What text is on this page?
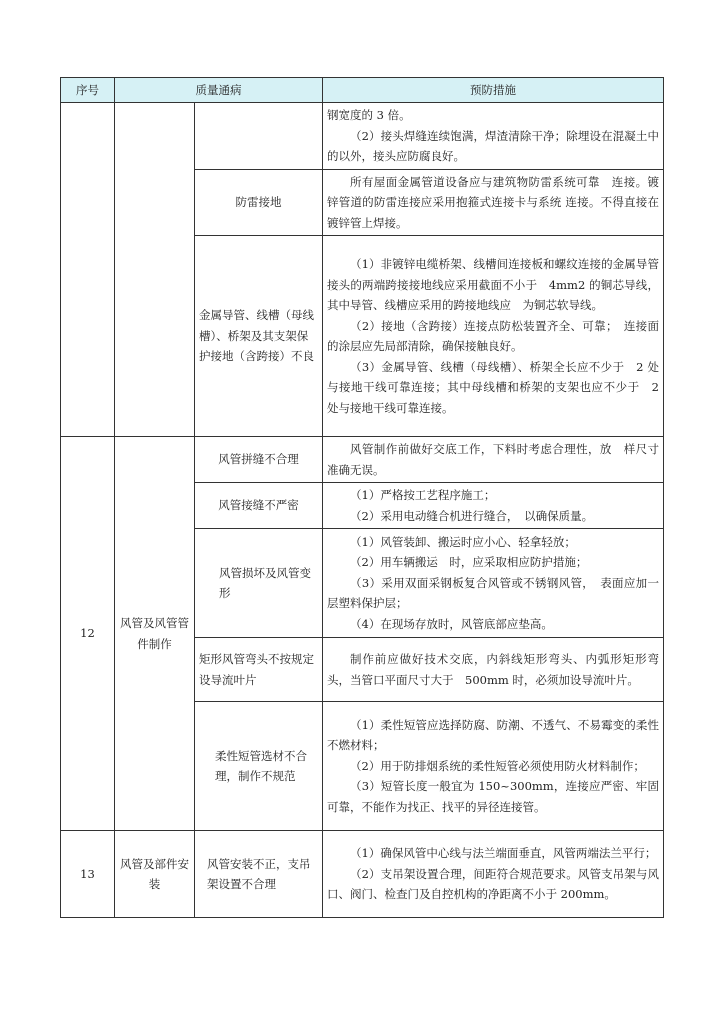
序号	质量通病		预防措施

			钢宽度的 3 倍。

（2）接头焊缝连续饱满，焊渣清除干净；除埋设在混凝土中的以外，接头应防腐良好。

		防雷接地	所有屋面金属管道设备应与建筑物防雷系统可靠　连接。镀锌管道的防雷连接应采用抱箍式连接卡与系统 连接。不得直接在镀锌管上焊接。

		金属导管、线槽（母线槽）、桥架及其支架保护接地（含跨接）不良	（1）非镀锌电缆桥架、线槽间连接板和螺纹连接的金属导管接头的两端跨接接地线应采用截面不小于　4mm2 的铜芯导线，其中导管、线槽应采用的跨接地线应　为铜芯软导线。

（2）接地（含跨接）连接点防松装置齐全、可靠；　连接面的涂层应先局部清除，确保接触良好。

（3）金属导管、线槽（母线槽）、桥架全长应不少于　2 处与接地干线可靠连接；其中母线槽和桥架的支架也应不少于　2　处与接地干线可靠连接。

12	风管及风管管件制作	风管拼缝不合理	风管制作前做好交底工作，下料时考虑合理性，放　样尺寸准确无误。

		风管接缝不严密	（1）严格按工艺程序施工；

（2）采用电动缝合机进行缝合，　以确保质量。

		风管损坏及风管变形	（1）风管装卸、搬运时应小心、轻拿轻放；

（2）用车辆搬运　时，应采取相应防护措施；

（3）采用双面采钢板复合风管或不锈钢风管，　表面应加一层塑料保护层；

（4）在现场存放时，风管底部应垫高。

		矩形风管弯头不按规定设导流叶片	制作前应做好技术交底，内斜线矩形弯头、内弧形矩形弯头，当管口平面尺寸大于　500mm 时，必须加设导流叶片。

		柔性短管选材不合理，制作不规范	（1）柔性短管应选择防腐、防潮、不透气、不易霉变的柔性不燃材料；

（2）用于防排烟系统的柔性短管必须使用防火材料制作；

（3）短管长度一般宜为 150~300mm，连接应严密、牢固可靠，不能作为找正、找平的异径连接管。

13	风管及部件安装	风管安装不正，支吊架设置不合理	（1）确保风管中心线与法兰端面垂直，风管两端法兰平行；

（2）支吊架设置合理，间距符合规范要求。风管支吊架与风口、阀门、检查门及自控机构的净距离不小于 200mm。
